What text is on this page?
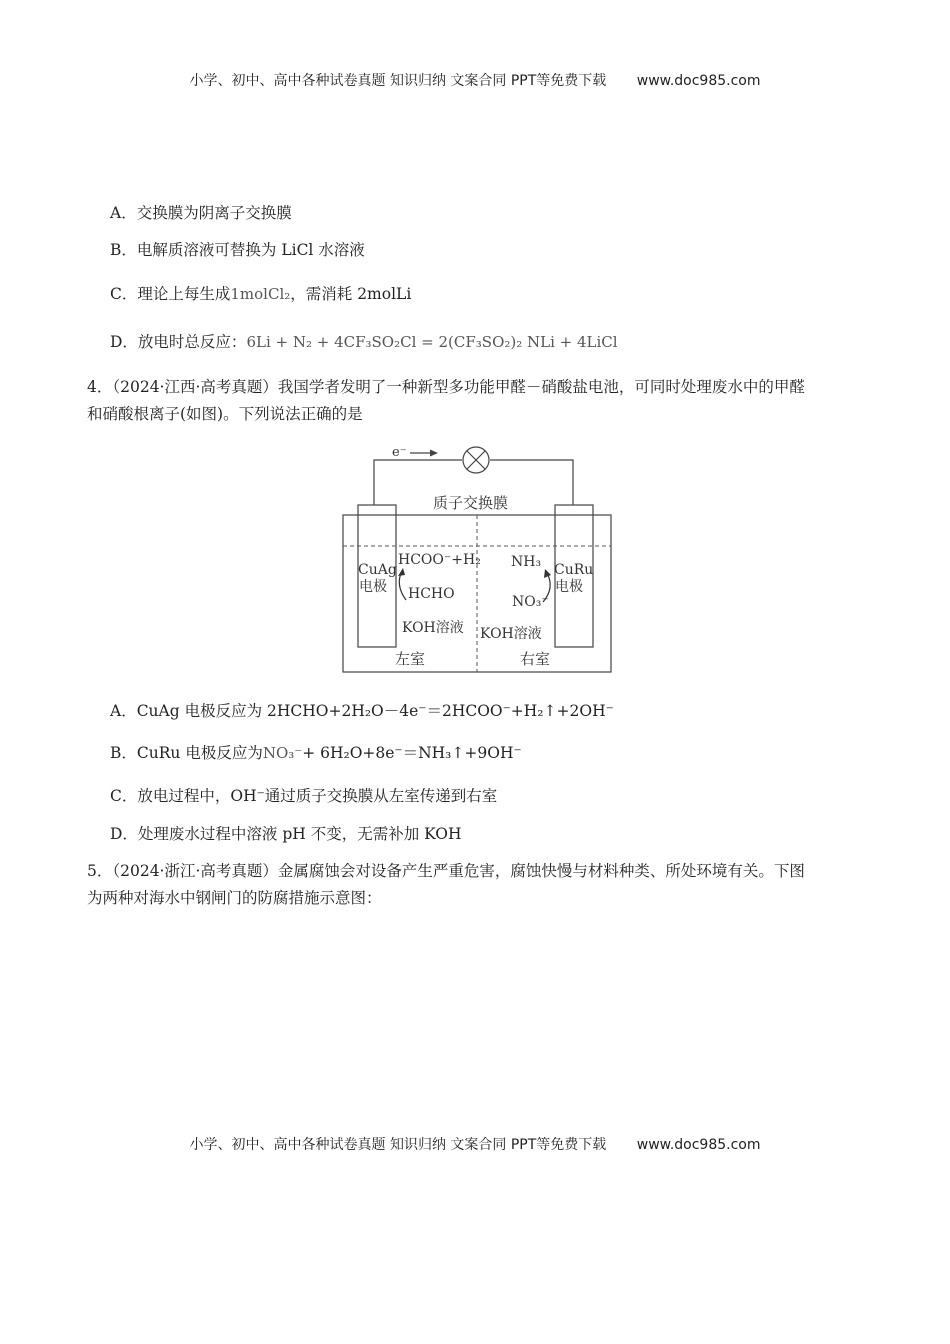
小学、初中、高中各种试卷真题 知识归纳 文案合同 PPT等免费下载 www.doc985.com
A．交换膜为阴离子交换膜
B．电解质溶液可替换为 LiCl 水溶液
C．理论上每生成1molCl₂，需消耗 2molLi
D．放电时总反应：6Li + N₂ + 4CF₃SO₂Cl = 2(CF₃SO₂)₂ NLi + 4LiCl
4．（2024·江西·高考真题）我国学者发明了一种新型多功能甲醛－硝酸盐电池，可同时处理废水中的甲醛
和硝酸根离子(如图)。下列说法正确的是
e⁻
质子交换膜
CuAg
电极
CuRu
电极
HCOO⁻+H₂
HCHO
KOH溶液
NH₃
NO₃⁻
KOH溶液
左室	右室
A．CuAg 电极反应为 2HCHO+2H₂O－4e⁻＝2HCOO⁻+H₂↑+2OH⁻
B．CuRu 电极反应为NO₃⁻+ 6H₂O+8e⁻＝NH₃↑+9OH⁻
C．放电过程中，OH⁻通过质子交换膜从左室传递到右室
D．处理废水过程中溶液 pH 不变，无需补加 KOH
5．（2024·浙江·高考真题）金属腐蚀会对设备产生严重危害，腐蚀快慢与材料种类、所处环境有关。下图
为两种对海水中钢闸门的防腐措施示意图：
小学、初中、高中各种试卷真题 知识归纳 文案合同 PPT等免费下载 www.doc985.com
